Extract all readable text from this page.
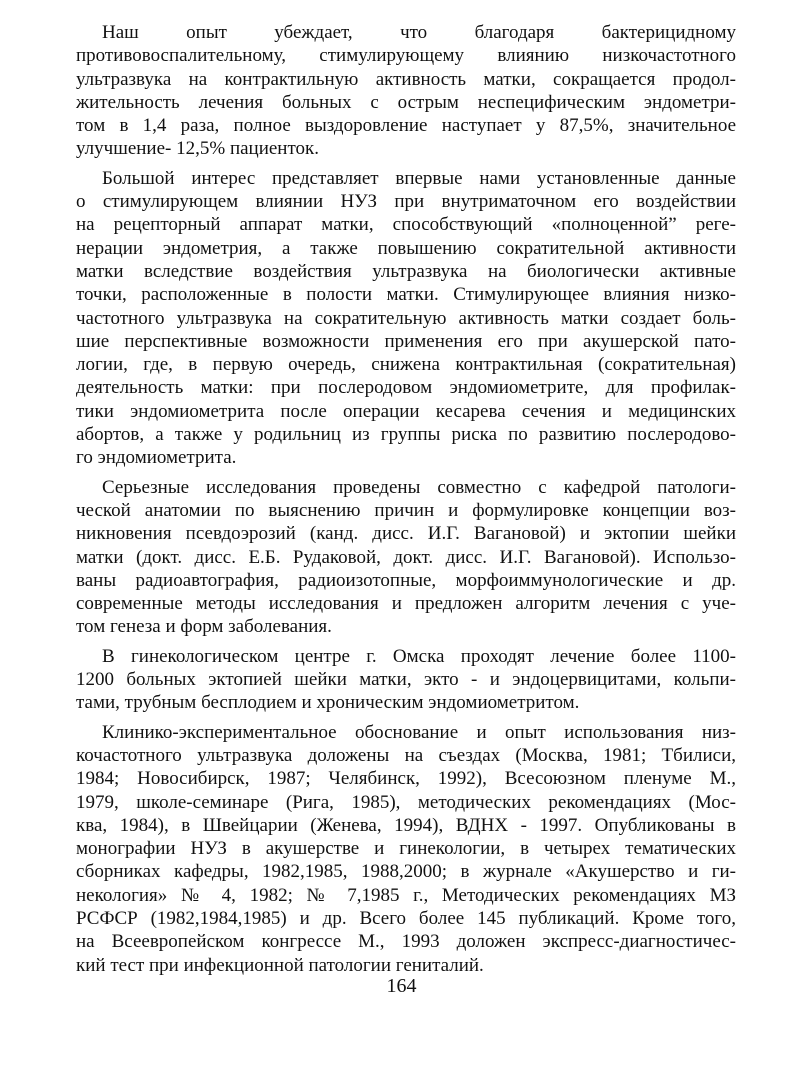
Наш опыт убеждает, что благодаря бактерицидному
противовоспалительному, стимулирующему влиянию низкочастотного
ультразвука на контрактильную активность матки, сокращается продол-
жительность лечения больных с острым неспецифическим эндометри-
том в 1,4 раза, полное выздоровление наступает у 87,5%, значительное
улучшение- 12,5% пациенток.
Большой интерес представляет впервые нами установленные данные
о стимулирующем влиянии НУЗ при внутриматочном его воздействии
на рецепторный аппарат матки, способствующий «полноценной” реге-
нерации эндометрия, а также повышению сократительной активности
матки вследствие воздействия ультразвука на биологически активные
точки, расположенные в полости матки. Стимулирующее влияния низко-
частотного ультразвука на сократительную активность матки создает боль-
шие перспективные возможности применения его при акушерской пато-
логии, где, в первую очередь, снижена контрактильная (сократительная)
деятельность матки: при послеродовом эндомиометрите, для профилак-
тики эндомиометрита после операции кесарева сечения и медицинских
абортов, а также у родильниц из группы риска по развитию послеродово-
го эндомиометрита.
Серьезные исследования проведены совместно с кафедрой патологи-
ческой анатомии по выяснению причин и формулировке концепции воз-
никновения псевдоэрозий (канд. дисс. И.Г. Вагановой) и эктопии шейки
матки (докт. дисс. Е.Б. Рудаковой, докт. дисс. И.Г. Вагановой). Использо-
ваны радиоавтография, радиоизотопные, морфоиммунологические и др.
современные методы исследования и предложен алгоритм лечения с уче-
том генеза и форм заболевания.
В гинекологическом центре г. Омска проходят лечение более 1100-
1200 больных эктопией шейки матки, экто - и эндоцервицитами, кольпи-
тами, трубным бесплодием и хроническим эндомиометритом.
Клинико-экспериментальное обоснование и опыт использования низ-
кочастотного ультразвука доложены на съездах (Москва, 1981; Тбилиси,
1984; Новосибирск, 1987; Челябинск, 1992), Всесоюзном пленуме М.,
1979, школе-семинаре (Рига, 1985), методических рекомендациях (Мос-
ква, 1984), в Швейцарии (Женева, 1994), ВДНХ - 1997. Опубликованы в
монографии НУЗ в акушерстве и гинекологии, в четырех тематических
сборниках кафедры, 1982,1985, 1988,2000; в журнале «Акушерство и ги-
некология» № 4, 1982; № 7,1985 г., Методических рекомендациях МЗ
РСФСР (1982,1984,1985) и др. Всего более 145 публикаций. Кроме того,
на Всеевропейском конгрессе М., 1993 доложен экспресс-диагностичес-
кий тест при инфекционной патологии гениталий.
164
